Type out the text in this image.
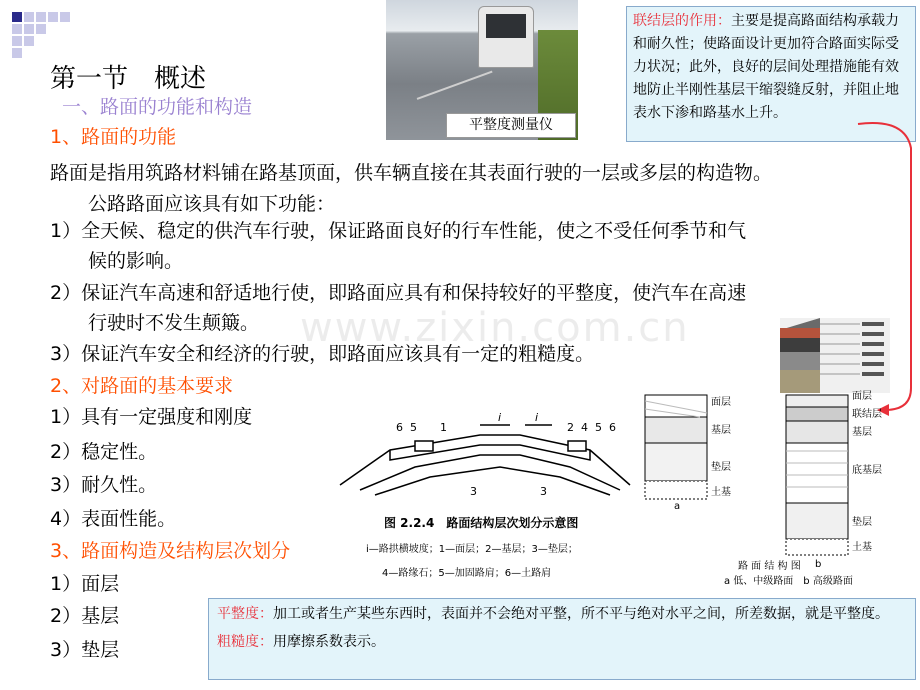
www.zixin.com.cn
第一节　概述
一、路面的功能和构造
1、路面的功能
路面是指用筑路材料铺在路基顶面，供车辆直接在其表面行驶的一层或多层的构造物。
公路路面应该具有如下功能：
1）全天候、稳定的供汽车行驶，保证路面良好的行车性能，使之不受任何季节和气
候的影响。
2）保证汽车高速和舒适地行使，即路面应具有和保持较好的平整度，使汽车在高速
行驶时不发生颠簸。
3）保证汽车安全和经济的行驶，即路面应该具有一定的粗糙度。
2、对路面的基本要求
1）具有一定强度和刚度
2）稳定性。
3）耐久性。
4）表面性能。
3、路面构造及结构层次划分
1）面层
2）基层
3）垫层
平整度测量仪
联结层的作用：主要是提高路面结构承载力和耐久性；使路面设计更加符合路面实际受力状况；此外，良好的层间处理措施能有效地防止半刚性基层干缩裂缝反射，并阻止地表水下渗和路基水上升。
6 5 1
i	i
2 4 5 6
3	3
图 2.2.4　路面结构层次划分示意图
i—路拱横坡度；1—面层；2—基层；3—垫层；
4—路缘石；5—加固路肩；6—土路肩
面层
基层
垫层
土基
面层
联结层
基层
底基层
垫层
土基
a
b
路 面 结 构 图
a 低、中级路面　b 高级路面
平整度：加工或者生产某些东西时，表面并不会绝对平整，所不平与绝对水平之间，所差数据，就是平整度。
粗糙度：用摩擦系数表示。
